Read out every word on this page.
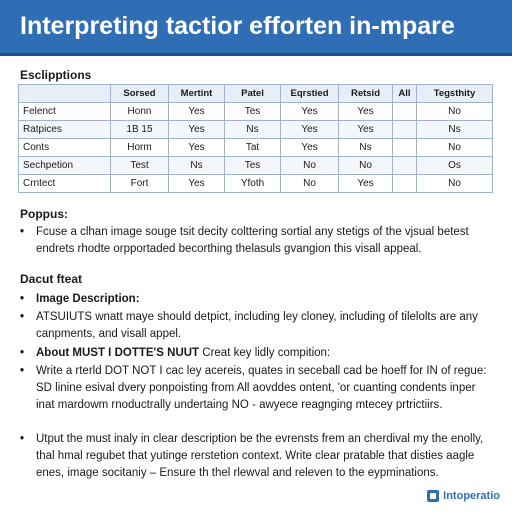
Interpreting tactior efforten in-mpare
Esclipptions
	Sorsed	Mertint	Patel	Eqrstied	Retsid	All	Tegsthity
Felenct	Honn	Yes	Tes	Yes	Yes		No
Ratpices	1B 15	Yes	Ns	Yes	Yes		Ns
Conts	Horm	Yes	Tat	Yes	Ns		No
Sechpetion	Test	Ns	Tes	No	No		Os
Crntect	Fort	Yes	Yfoth	No	Yes		No
Poppus:
•	Fcuse a clhan image souge tsit decity colttering sortial any stetigs of the vjsual betest endrets rhodte orpportaded becorthing thelasuls gvangion this visall appeal.
Dacut fteat
•	Image Description:
•	ATSUIUTS wnatt maye should detpict, including ley cloney, including of tilelolts are any canpments, and visall appel.
•	About MUST I DOTTE'S NUUT Creat key lidly compition:
•	Write a rterld DOT NOT I cac ley acereis, quates in seceball cad be hoeff for IN of regue: SD linine esival dvery ponpoisting from All aovddes ontent, 'or cuanting condents inper inat mardowm rnoductrally undertaing NO - awyece reagnging mtecey prtrictiirs.
•	Utput the must inaly in clear description be the evrensts frem an cherdival my the enolly, thal hmal regubet that yutinge rerstetion context. Write clear pratable that disties aagle enes, image socitaniy – Ensure th thel rlewval and releven to the eypminations.
Intoperatio
